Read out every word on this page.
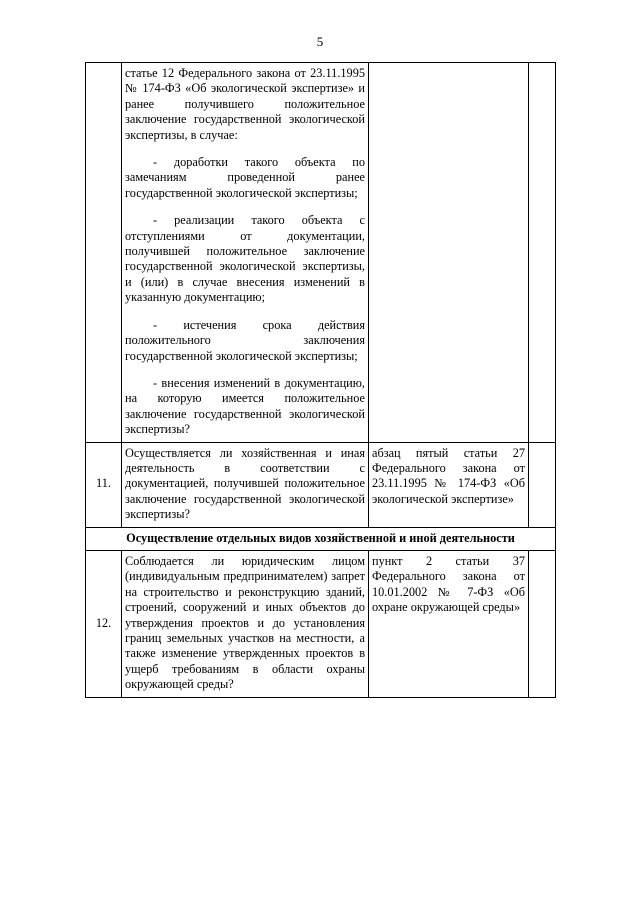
5

	статье 12 Федерального закона от 23.11.1995 № 174-ФЗ «Об экологической экспертизе» и ранее получившего положительное заключение государственной экологической экспертизы, в случае:

- доработки такого объекта по замечаниям проведенной ранее государственной экологической экспертизы;

- реализации такого объекта с отступлениями от документации, получившей положительное заключение государственной экологической экспертизы, и (или) в случае внесения изменений в указанную документацию;

- истечения срока действия положительного заключения государственной экологической экспертизы;

- внесения изменений в документацию, на которую имеется положительное заключение государственной экологической экспертизы?		

11.	Осуществляется ли хозяйственная и иная деятельность в соответствии с документацией, получившей положительное заключение государственной экологической экспертизы?	абзац пятый статьи 27 Федерального закона от 23.11.1995 № 174-ФЗ «Об экологической экспертизе»	
Осуществление отдельных видов хозяйственной и иной деятельности			
12.	Соблюдается ли юридическим лицом (индивидуальным предпринимателем) запрет на строительство и реконструкцию зданий, строений, сооружений и иных объектов до утверждения проектов и до установления границ земельных участков на местности, а также изменение утвержденных проектов в ущерб требованиям в области охраны окружающей среды?	пункт 2 статьи 37 Федерального закона от 10.01.2002 № 7-ФЗ «Об охране окружающей среды»	
